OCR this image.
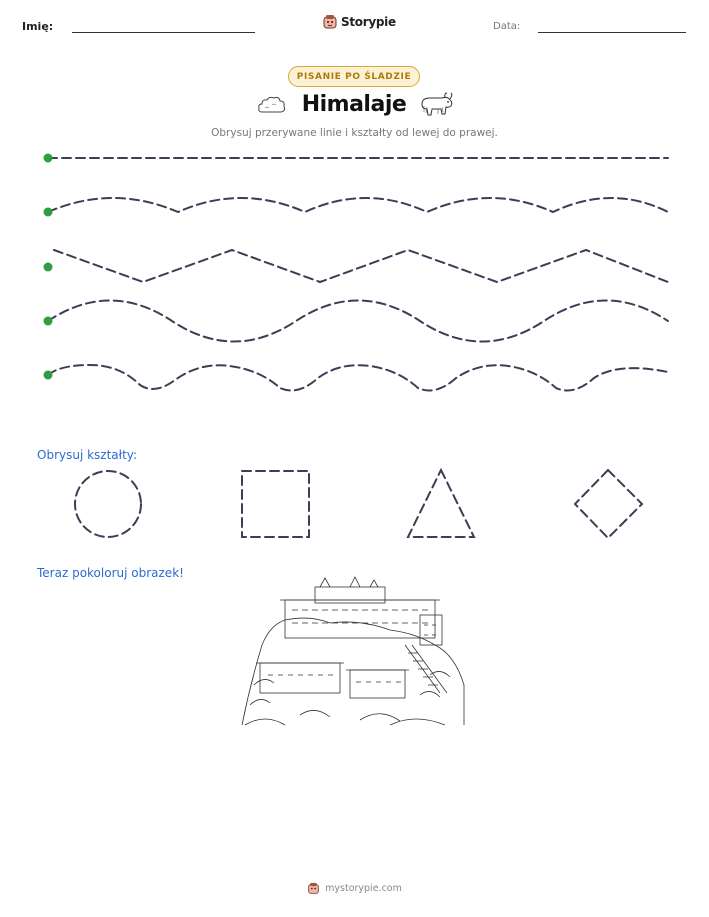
Imię:	Storypie	Data:
PISANIE PO ŚLADZIE
Himalaje
Obrysuj przerywane linie i kształty od lewej do prawej.
Obrysuj kształty:
Teraz pokoloruj obrazek!
mystorypie.com
